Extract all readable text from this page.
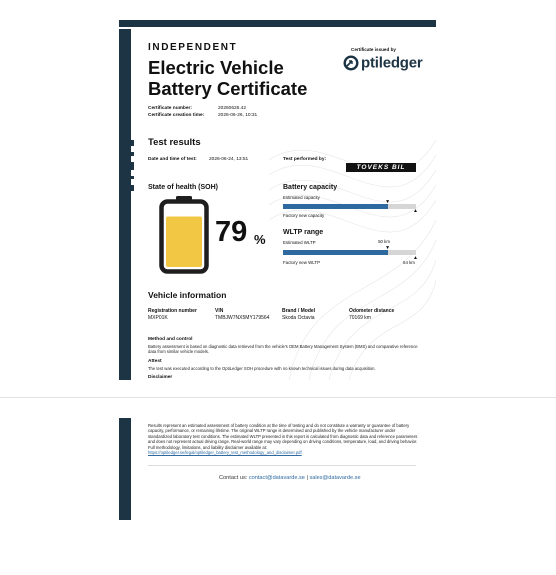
INDEPENDENT
Electric Vehicle Battery Certificate
Certificate issued by
ptiledger
Certificate number:	20260626.42
Certificate creation time:	2026-06-26, 10:31
Test results
Date and time of test:	2026-06-24, 13:51	Test performed by:
TOVEKS BIL
State of health (SOH)
79 %
Battery capacity
Estimated capacity
▼
▲
Factory new capacity
WLTP range
Estimated WLTP	50 km
▼
▲
Factory new WLTP	64 km
Vehicle information
Registration number
MXP01K
VIN
TMBJW7NX5MY179564
Brand / Model
Skoda Octavia
Odometer distance
70169 km
Method and control
Battery assessment is based on diagnostic data retrieved from the vehicle's OEM Battery Management System (BMS) and comparative reference data from similar vehicle models.
Attest
The test was executed according to the OptiLedger SOH procedure with no known technical issues during data acquisition.
Disclaimer
Results represent an estimated assessment of battery condition at the time of testing and do not constitute a warranty or guarantee of battery capacity, performance, or remaining lifetime. The original WLTP range is determined and published by the vehicle manufacturer under standardized laboratory test conditions. The estimated WLTP presented in this report is calculated from diagnostic data and reference parameters and does not represent actual driving range. Real-world range may vary depending on driving conditions, temperature, load, and driving behavior. Full methodology, limitations, and liability disclaimer available at: https://optiledger.se/legal/optiledger_battery_test_methodology_and_disclaimer.pdf
Contact us: contact@datavarde.se | sales@datavarde.se
